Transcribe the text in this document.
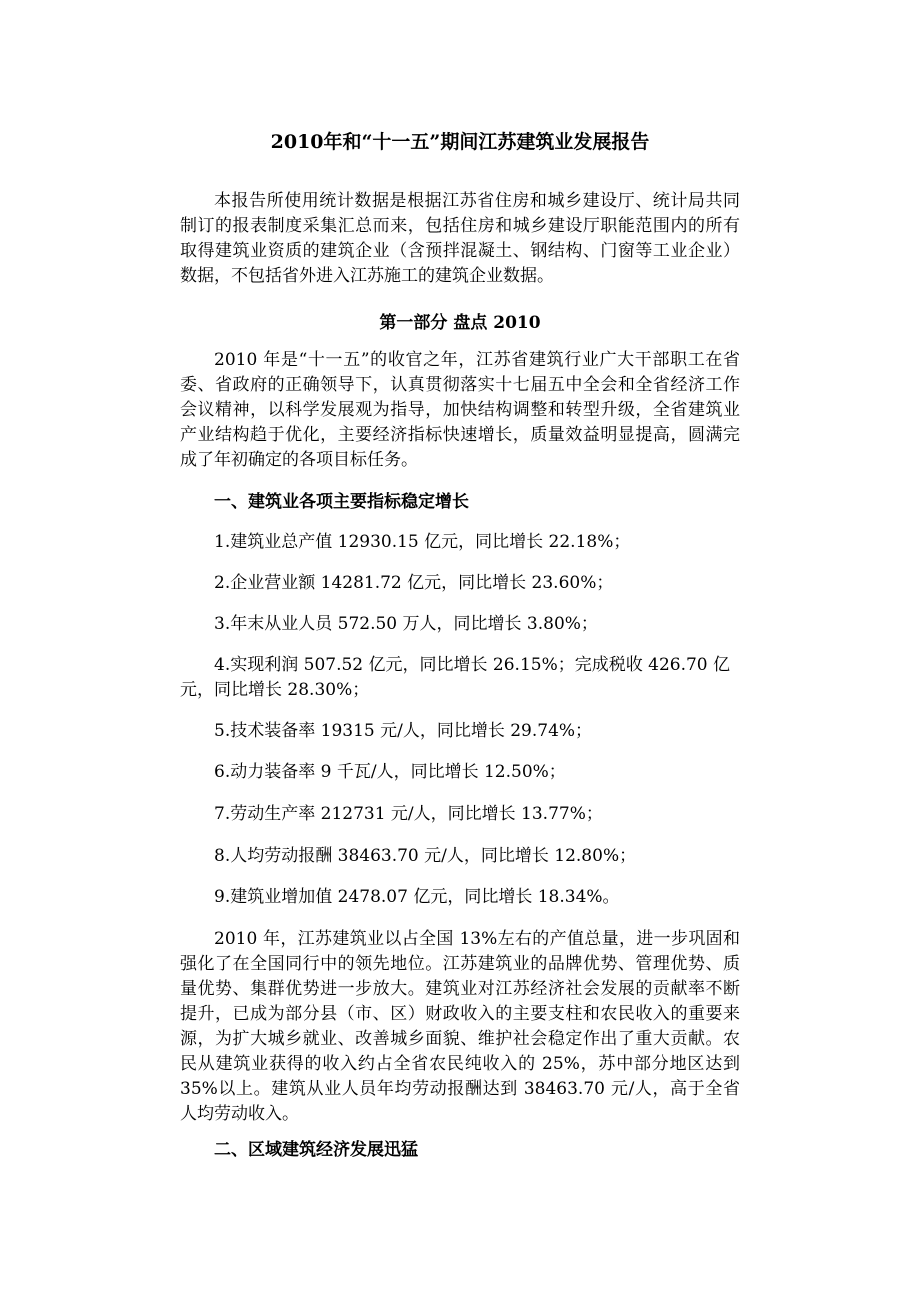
2010年和“十一五”期间江苏建筑业发展报告
本报告所使用统计数据是根据江苏省住房和城乡建设厅、统计局共同制订的报表制度采集汇总而来，包括住房和城乡建设厅职能范围内的所有取得建筑业资质的建筑企业（含预拌混凝土、钢结构、门窗等工业企业）数据，不包括省外进入江苏施工的建筑企业数据。
第一部分 盘点 2010
2010 年是“十一五”的收官之年，江苏省建筑行业广大干部职工在省委、省政府的正确领导下，认真贯彻落实十七届五中全会和全省经济工作会议精神，以科学发展观为指导，加快结构调整和转型升级，全省建筑业产业结构趋于优化，主要经济指标快速增长，质量效益明显提高，圆满完成了年初确定的各项目标任务。
一、建筑业各项主要指标稳定增长
1.建筑业总产值 12930.15 亿元，同比增长 22.18%；
2.企业营业额 14281.72 亿元，同比增长 23.60%；
3.年末从业人员 572.50 万人，同比增长 3.80%；
4.实现利润 507.52 亿元，同比增长 26.15%；完成税收 426.70 亿元，同比增长 28.30%；
5.技术装备率 19315 元/人，同比增长 29.74%；
6.动力装备率 9 千瓦/人，同比增长 12.50%；
7.劳动生产率 212731 元/人，同比增长 13.77%；
8.人均劳动报酬 38463.70 元/人，同比增长 12.80%；
9.建筑业增加值 2478.07 亿元，同比增长 18.34%。
2010 年，江苏建筑业以占全国 13%左右的产值总量，进一步巩固和强化了在全国同行中的领先地位。江苏建筑业的品牌优势、管理优势、质量优势、集群优势进一步放大。建筑业对江苏经济社会发展的贡献率不断提升，已成为部分县（市、区）财政收入的主要支柱和农民收入的重要来源，为扩大城乡就业、改善城乡面貌、维护社会稳定作出了重大贡献。农民从建筑业获得的收入约占全省农民纯收入的 25%，苏中部分地区达到 35%以上。建筑从业人员年均劳动报酬达到 38463.70 元/人，高于全省人均劳动收入。
二、区域建筑经济发展迅猛
